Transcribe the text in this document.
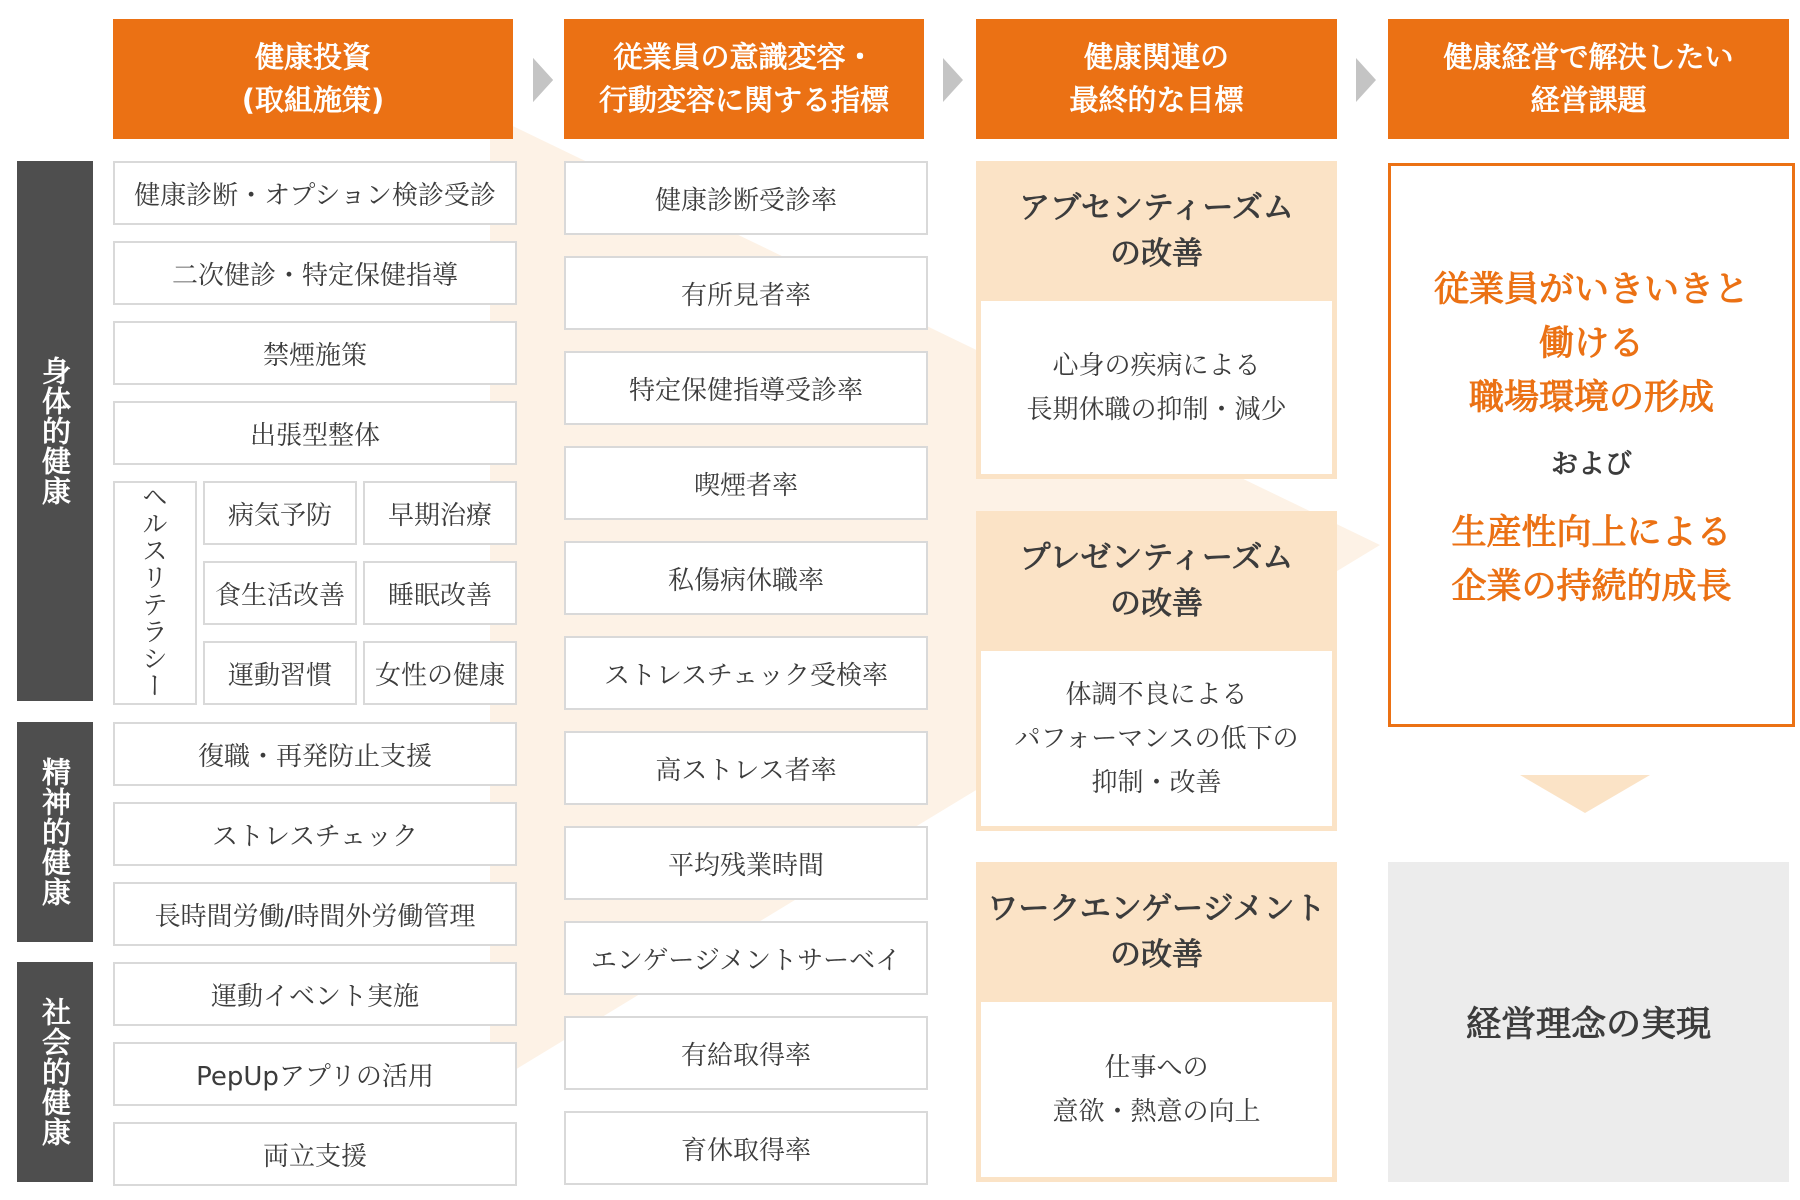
健康投資
(取組施策)
従業員の意識変容・
行動変容に関する指標
健康関連の
最終的な目標
健康経営で解決したい
経営課題
身体的健康
精神的健康
社会的健康
健康診断・オプション検診受診
二次健診・特定保健指導
禁煙施策
出張型整体
ヘルスリテラシー	病気予防	早期治療
食生活改善	睡眠改善
運動習慣	女性の健康
復職・再発防止支援
ストレスチェック
長時間労働/時間外労働管理
運動イベント実施
PepUpアプリの活用
両立支援
健康診断受診率
有所見者率
特定保健指導受診率
喫煙者率
私傷病休職率
ストレスチェック受検率
高ストレス者率
平均残業時間
エンゲージメントサーベイ
有給取得率
育休取得率
アブセンティーズム
の改善
心身の疾病による
長期休職の抑制・減少
プレゼンティーズム
の改善
体調不良による
パフォーマンスの低下の
抑制・改善
ワークエンゲージメント
の改善
仕事への
意欲・熱意の向上
従業員がいきいきと
働ける
職場環境の形成
および
生産性向上による
企業の持続的成長
経営理念の実現
